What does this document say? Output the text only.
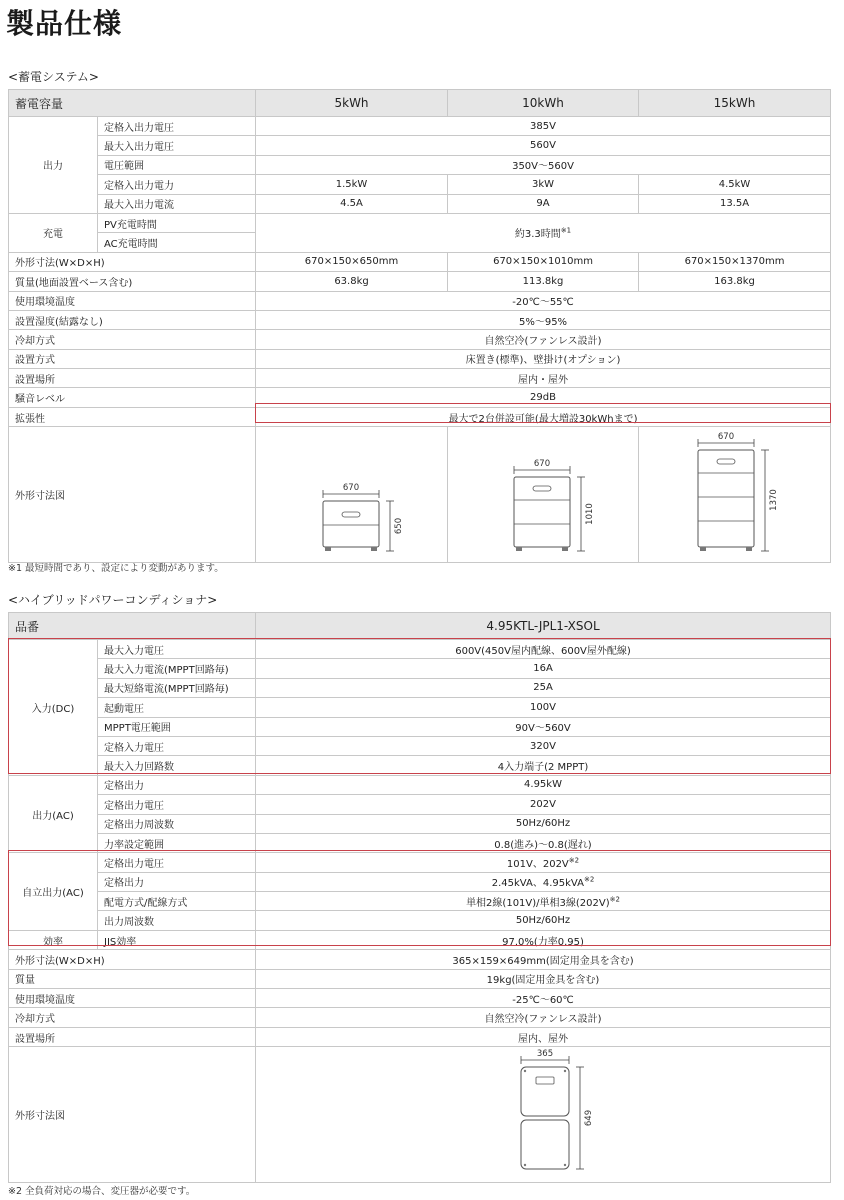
製品仕様
<蓄電システム>
蓄電容量		5kWh	10kWh	15kWh
出力	定格入出力電圧	385V		
	最大入出力電圧	560V		
	電圧範囲	350V～560V		
	定格入出力電力	1.5kW	3kW	4.5kW
	最大入出力電流	4.5A	9A	13.5A
充電	PV充電時間	約3.3時間$^{※1}$
	AC充電時間			
外形寸法(W×D×H)		670×150×650mm	670×150×1010mm	670×150×1370mm
質量(地面設置ベース含む)		63.8kg	113.8kg	163.8kg
使用環境温度		-20℃～55℃		
設置湿度(結露なし)		5%～95%		
冷却方式		自然空冷(ファンレス設計)		
設置方式		床置き(標準)、壁掛け(オプション)		
設置場所		屋内・屋外		
騒音レベル		29dB		
拡張性		最大で2台併設可能(最大増設30kWhまで)		
外形寸法図		670
650	670
1010	670
1370
※1 最短時間であり、設定により変動があります。
<ハイブリッドパワーコンディショナ>
品番		4.95KTL-JPL1-XSOL
入力(DC)	最大入力電圧	600V(450V屋内配線、600V屋外配線)
	最大入力電流(MPPT回路毎)	16A
	最大短絡電流(MPPT回路毎)	25A
	起動電圧	100V
	MPPT電圧範囲	90V～560V
	定格入力電圧	320V
	最大入力回路数	4入力端子(2 MPPT)
出力(AC)	定格出力	4.95kW
	定格出力電圧	202V
	定格出力周波数	50Hz/60Hz
	力率設定範囲	0.8(進み)～0.8(遅れ)
自立出力(AC)	定格出力電圧	101V、$202V^{※2}$
	定格出力	2.45kVA、4.95kVA$^{※2}$
	配電方式/配線方式	単相2線(101V)/単相3線$(202V)^{※2}$
	出力周波数	50Hz/60Hz
効率	JIS効率	97.0%(力率0.95)
外形寸法(W×D×H)		365×159×649mm(固定用金具を含む)
質量		19kg(固定用金具を含む)
使用環境温度		-25℃～60℃
冷却方式		自然空冷(ファンレス設計)
設置場所		屋内、屋外
外形寸法図		365
649
※2 全負荷対応の場合、変圧器が必要です。
